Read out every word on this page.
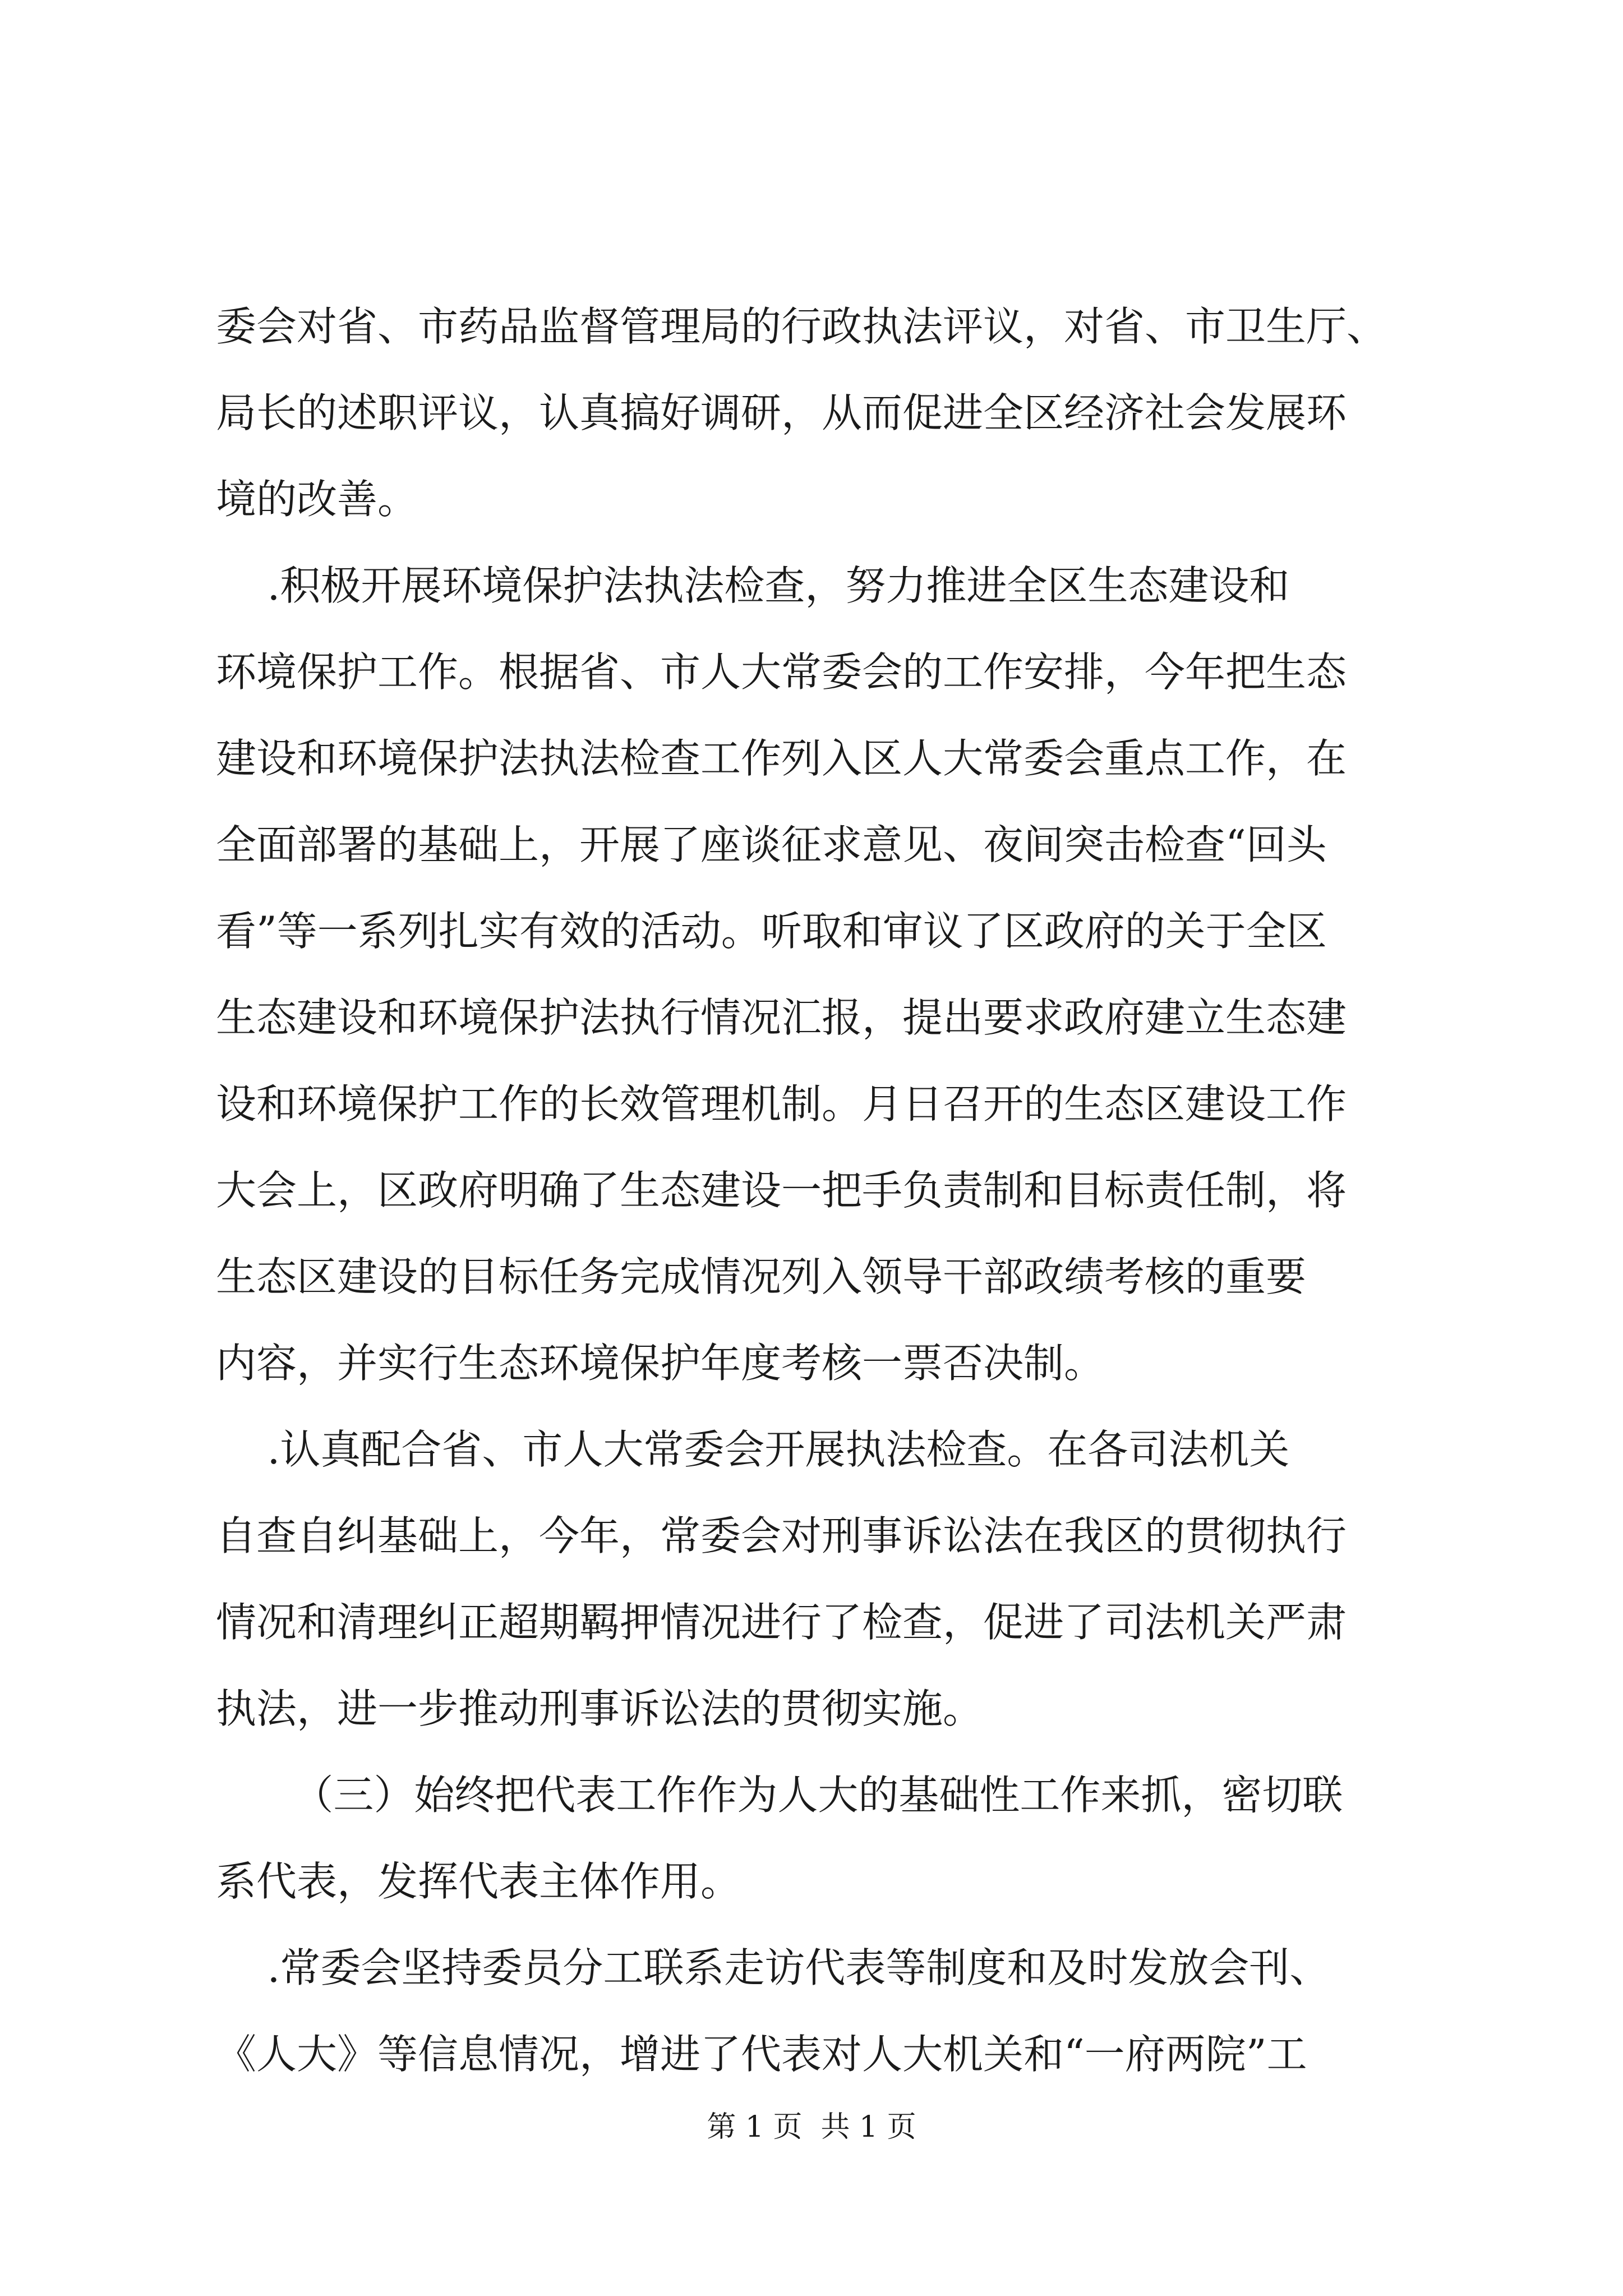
委会对省、市药品监督管理局的行政执法评议，对省、市卫生厅、
局长的述职评议，认真搞好调研，从而促进全区经济社会发展环
境的改善。
.积极开展环境保护法执法检查，努力推进全区生态建设和
环境保护工作。根据省、市人大常委会的工作安排，今年把生态
建设和环境保护法执法检查工作列入区人大常委会重点工作，在
全面部署的基础上，开展了座谈征求意见、夜间突击检查“回头
看”等一系列扎实有效的活动。听取和审议了区政府的关于全区
生态建设和环境保护法执行情况汇报，提出要求政府建立生态建
设和环境保护工作的长效管理机制。月日召开的生态区建设工作
大会上，区政府明确了生态建设一把手负责制和目标责任制，将
生态区建设的目标任务完成情况列入领导干部政绩考核的重要
内容，并实行生态环境保护年度考核一票否决制。
.认真配合省、市人大常委会开展执法检查。在各司法机关
自查自纠基础上，今年，常委会对刑事诉讼法在我区的贯彻执行
情况和清理纠正超期羁押情况进行了检查，促进了司法机关严肃
执法，进一步推动刑事诉讼法的贯彻实施。
（三）始终把代表工作作为人大的基础性工作来抓，密切联
系代表，发挥代表主体作用。
.常委会坚持委员分工联系走访代表等制度和及时发放会刊、
《人大》等信息情况，增进了代表对人大机关和“一府两院”工
第 1 页  共 1 页
